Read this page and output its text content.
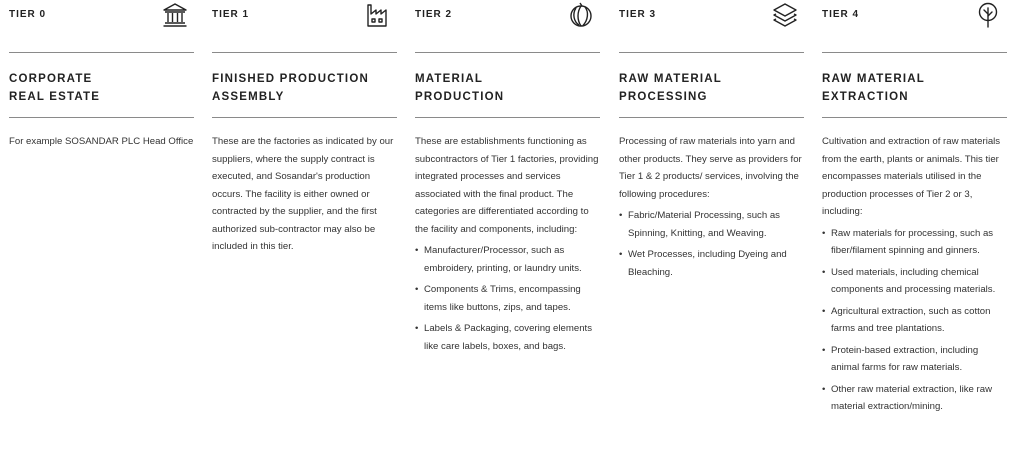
TIER 0
CORPORATE
REAL ESTATE

For example SOSANDAR PLC Head Office

TIER 1
FINISHED PRODUCTION
ASSEMBLY

These are the factories as indicated by our suppliers, where the supply contract is executed, and Sosandar's production occurs. The facility is either owned or contracted by the supplier, and the first authorized sub-contractor may also be included in this tier.

TIER 2
MATERIAL
PRODUCTION

These are establishments functioning as subcontractors of Tier 1 factories, providing integrated processes and services associated with the final product. The categories are differentiated according to the facility and components, including:

• Manufacturer/Processor, such as embroidery, printing, or laundry units.
• Components & Trims, encompassing items like buttons, zips, and tapes.
• Labels & Packaging, covering elements like care labels, boxes, and bags.
TIER 3
RAW MATERIAL
PROCESSING

Processing of raw materials into yarn and other products. They serve as providers for Tier 1 & 2 products/ services, involving the following procedures:

• Fabric/Material Processing, such as Spinning, Knitting, and Weaving.
• Wet Processes, including Dyeing and Bleaching.
TIER 4
RAW MATERIAL
EXTRACTION

Cultivation and extraction of raw materials from the earth, plants or animals. This tier encompasses materials utilised in the production processes of Tier 2 or 3, including:

• Raw materials for processing, such as fiber/filament spinning and ginners.
• Used materials, including chemical components and processing materials.
• Agricultural extraction, such as cotton farms and tree plantations.
• Protein-based extraction, including animal farms for raw materials.
• Other raw material extraction, like raw material extraction/mining.
